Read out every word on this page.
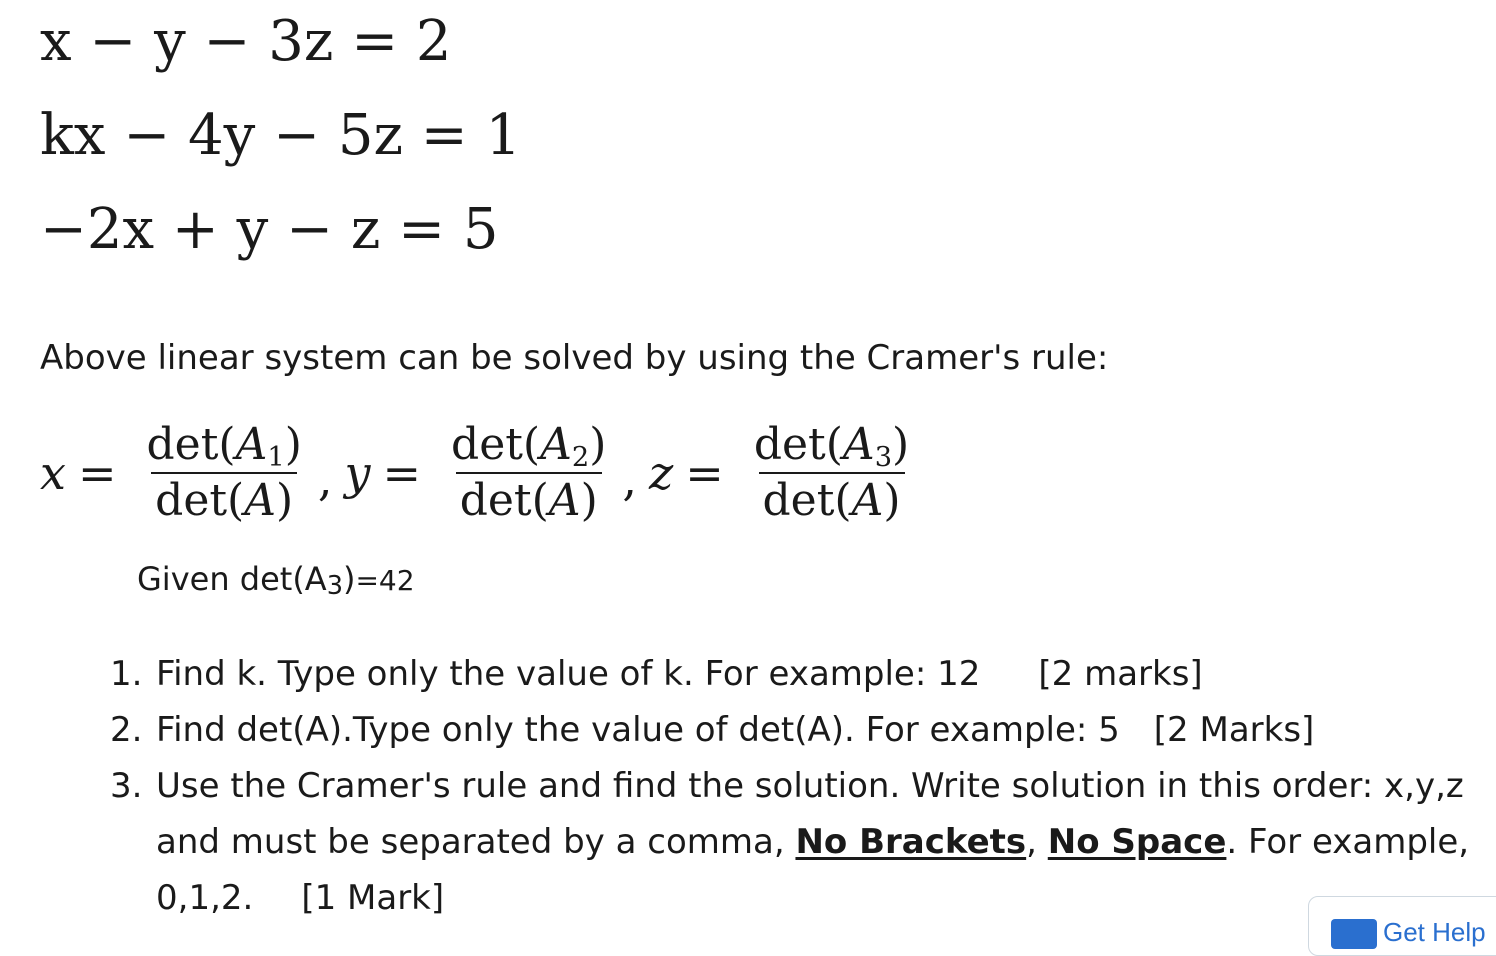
x − y − 3z = 2
kx − 4y − 5z = 1
−2x + y − z = 5
Above linear system can be solved by using the Cramer's rule:
$x = \frac{\det(A1)}{\det(A)}$ , $y = \frac{\det(A2)}{\det(A)}$ , $z = \frac{\det(A3)}{\det(A)}$
Given det(A3)=42
1. Find k. Type only the value of k. For example: 12 [2 marks]
2. Find det(A).Type only the value of det(A). For example: 5 [2 Marks]
3. Use the Cramer's rule and find the solution. Write solution in this order: x,y,z and must be separated by a comma, No Brackets, No Space. For example, 0,1,2. [1 Mark]
Get Help
